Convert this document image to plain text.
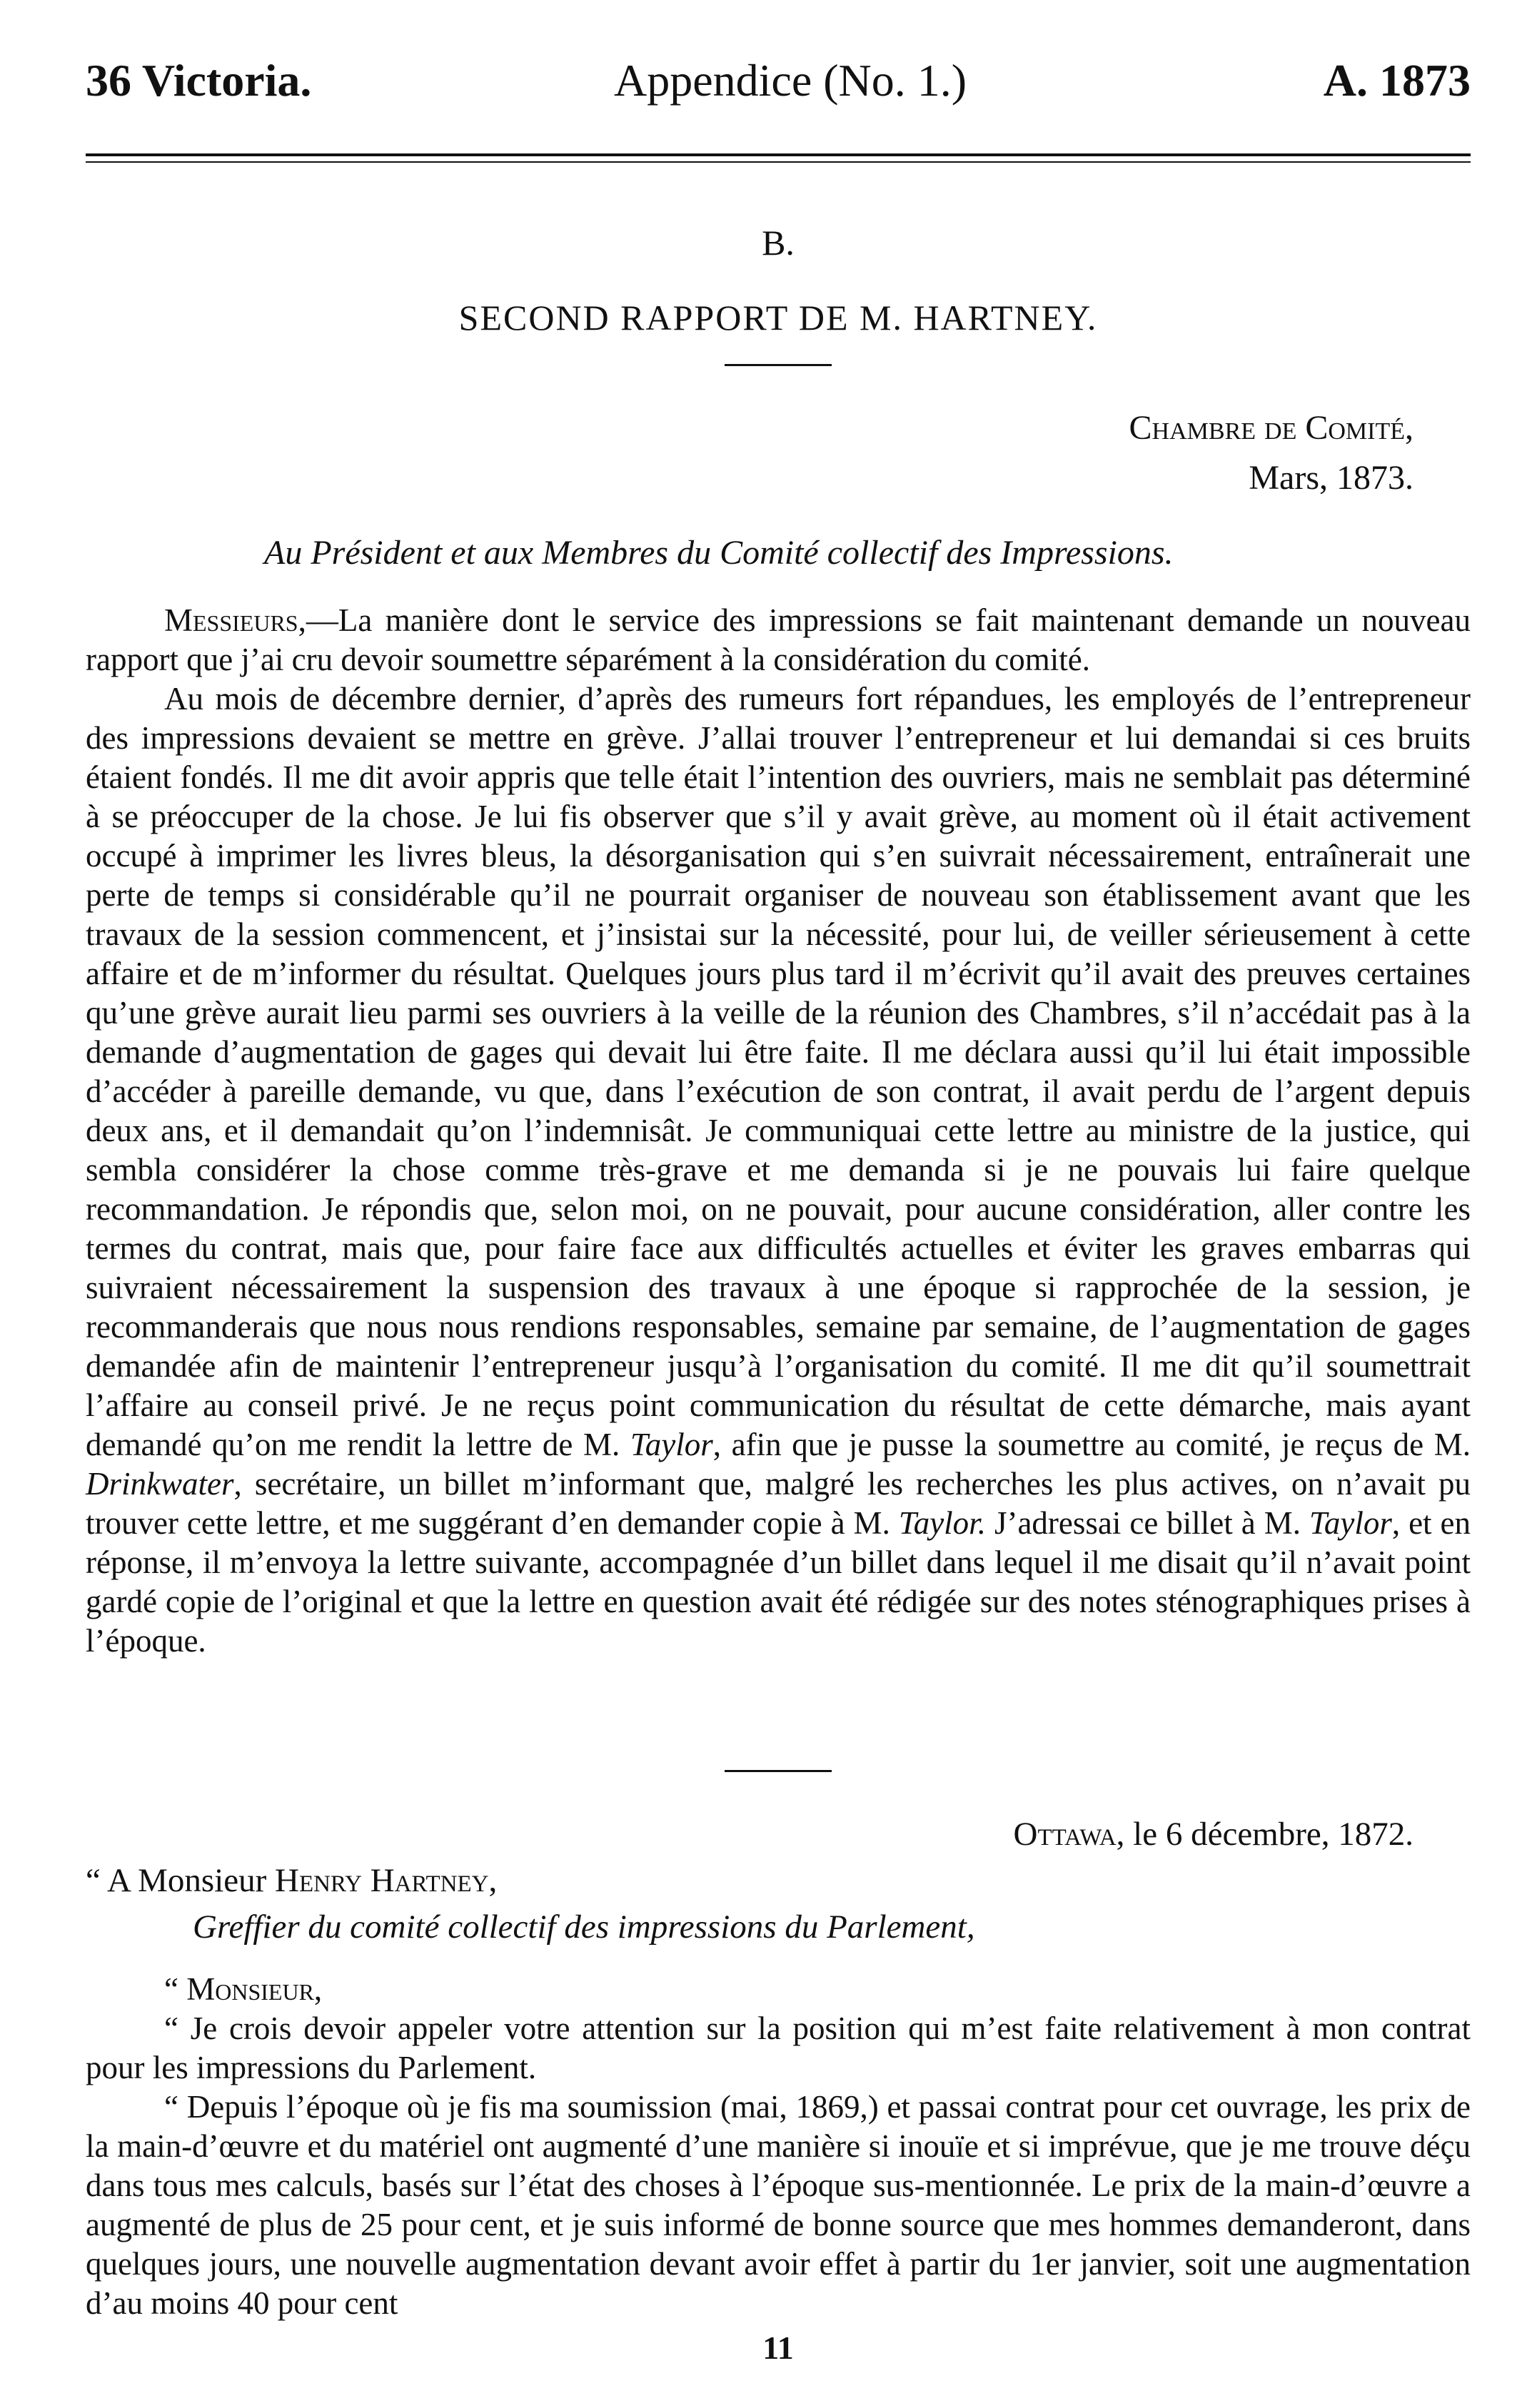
36 Victoria.	Appendice (No. 1.)	A. 1873
B.
SECOND RAPPORT DE M. HARTNEY.
Chambre de Comité,
Mars, 1873.
Au Président et aux Membres du Comité collectif des Impressions.

Messieurs,—La manière dont le service des impressions se fait maintenant demande un nouveau rapport que j’ai cru devoir soumettre séparément à la considération du comité.

Au mois de décembre dernier, d’après des rumeurs fort répandues, les employés de l’entrepreneur des impressions devaient se mettre en grève. J’allai trouver l’entrepreneur et lui demandai si ces bruits étaient fondés. Il me dit avoir appris que telle était l’intention des ouvriers, mais ne semblait pas déterminé à se préoccuper de la chose. Je lui fis observer que s’il y avait grève, au moment où il était activement occupé à imprimer les livres bleus, la désorganisation qui s’en suivrait nécessairement, entraînerait une perte de temps si considérable qu’il ne pourrait organiser de nouveau son établissement avant que les travaux de la session commencent, et j’insistai sur la nécessité, pour lui, de veiller sérieusement à cette affaire et de m’informer du résultat. Quelques jours plus tard il m’écrivit qu’il avait des preuves certaines qu’une grève aurait lieu parmi ses ouvriers à la veille de la réunion des Chambres, s’il n’accédait pas à la demande d’augmentation de gages qui devait lui être faite. Il me déclara aussi qu’il lui était impossible d’accéder à pareille demande, vu que, dans l’exécution de son contrat, il avait perdu de l’argent depuis deux ans, et il demandait qu’on l’indemnisât. Je communiquai cette lettre au ministre de la justice, qui sembla considérer la chose comme très-grave et me demanda si je ne pouvais lui faire quelque recommandation. Je répondis que, selon moi, on ne pouvait, pour aucune considération, aller contre les termes du contrat, mais que, pour faire face aux difficultés actuelles et éviter les graves embarras qui suivraient nécessairement la suspension des travaux à une époque si rapprochée de la session, je recommanderais que nous nous rendions responsables, semaine par semaine, de l’augmentation de gages demandée afin de maintenir l’entrepreneur jusqu’à l’organisation du comité. Il me dit qu’il soumettrait l’affaire au conseil privé. Je ne reçus point communication du résultat de cette démarche, mais ayant demandé qu’on me rendit la lettre de M. Taylor, afin que je pusse la soumettre au comité, je reçus de M. Drinkwater, secrétaire, un billet m’informant que, malgré les recherches les plus actives, on n’avait pu trouver cette lettre, et me suggérant d’en demander copie à M. Taylor. J’adressai ce billet à M. Taylor, et en réponse, il m’envoya la lettre suivante, accompagnée d’un billet dans lequel il me disait qu’il n’avait point gardé copie de l’original et que la lettre en question avait été rédigée sur des notes sténographiques prises à l’époque.

Ottawa, le 6 décembre, 1872.
“ A Monsieur Henry Hartney,
Greffier du comité collectif des impressions du Parlement,

“ Monsieur,

“ Je crois devoir appeler votre attention sur la position qui m’est faite relativement à mon contrat pour les impressions du Parlement.

“ Depuis l’époque où je fis ma soumission (mai, 1869,) et passai contrat pour cet ouvrage, les prix de la main-d’œuvre et du matériel ont augmenté d’une manière si inouïe et si imprévue, que je me trouve déçu dans tous mes calculs, basés sur l’état des choses à l’époque sus-mentionnée. Le prix de la main-d’œuvre a augmenté de plus de 25 pour cent, et je suis informé de bonne source que mes hommes demanderont, dans quelques jours, une nouvelle augmentation devant avoir effet à partir du 1er janvier, soit une augmentation d’au moins 40 pour cent

11
